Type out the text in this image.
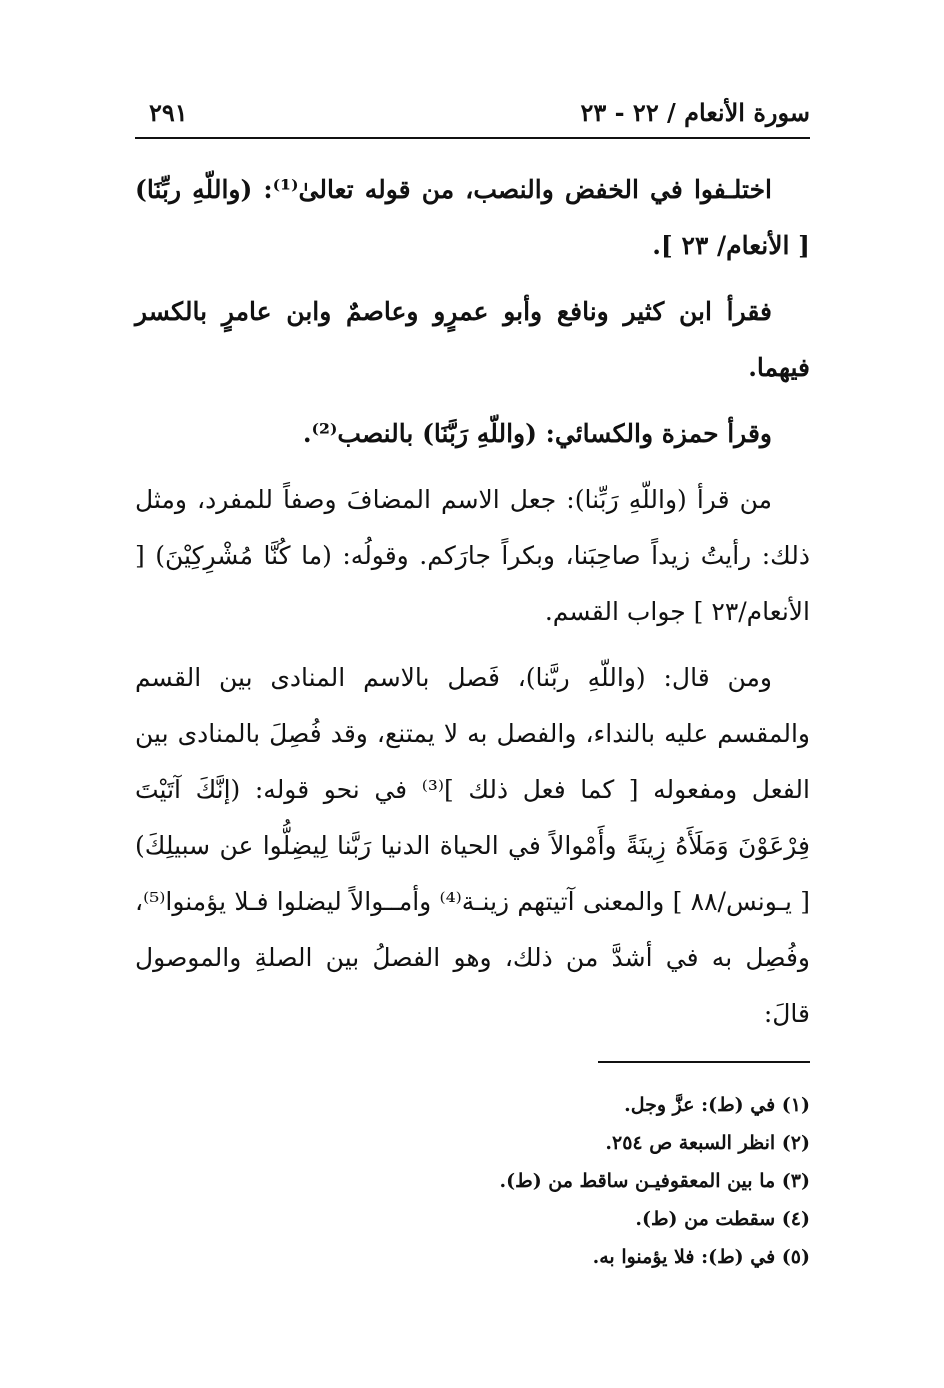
سورة الأنعام / ٢٢ - ٢٣
٢٩١

اختلـفوا في الخفض والنصب، من قوله تعالىٰ⁽¹⁾: (واللّهِ ربِّنَا) [ الأنعام/ ٢٣ ].

فقرأ ابن كثير ونافع وأبو عمرٍو وعاصمٌ وابن عامرٍ بالكسر فيهما.

وقرأ حمزة والكسائي: (واللّهِ رَبَّنَا) بالنصب⁽²⁾.

من قرأ (واللّهِ رَبِّنا): جعل الاسم المضافَ وصفاً للمفرد، ومثل ذلك: رأيتُ زيداً صاحِبَنا، وبكراً جارَكم. وقولُه: (ما كُنَّا مُشْرِكِيْنَ) [ الأنعام/٢٣ ] جواب القسم.

ومن قال: (واللّهِ ربَّنا)، فَصل بالاسم المنادى بين القسم والمقسم عليه بالنداء، والفصل به لا يمتنع، وقد فُصِلَ بالمنادى بين الفعل ومفعوله [ كما فعل ذلك ]⁽³⁾ في نحو قوله: (إنَّكَ آتَيْتَ فِرْعَوْنَ وَمَلَأَهُ زِينَةً وأَمْوالاً في الحياة الدنيا رَبَّنا لِيضِلُّوا عن سبيلِكَ) [ يـونس/٨٨ ] والمعنى آتيتهم زينـة⁽⁴⁾ وأمــوالاً ليضلوا فـلا يؤمنوا⁽⁵⁾، وفُصِل به في أشدَّ من ذلك، وهو الفصلُ بين الصلةِ والموصول قالَ:

(١) في (ط): عزَّ وجل.

(٢) انظر السبعة ص ٢٥٤.

(٣) ما بين المعقوفيـن ساقط من (ط).

(٤) سقطت من (ط).

(٥) في (ط): فلا يؤمنوا به.
